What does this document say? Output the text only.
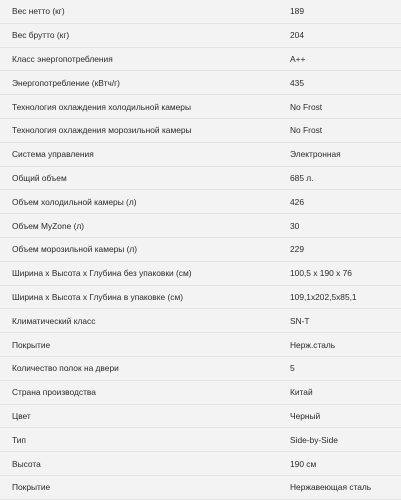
Вес нетто (кг)	189
Вес брутто (кг)	204
Класс энергопотребления	A++
Энергопотребление (кВтч/г)	435
Технология охлаждения холодильной камеры	No Frost
Технология охлаждения морозильной камеры	No Frost
Система управления	Электронная
Общий объем	685 л.
Объем холодильной камеры (л)	426
Объем MyZone (л)	30
Объем морозильной камеры (л)	229
Ширина х Высота х Глубина без упаковки (см)	100,5 х 190 х 76
Ширина х Высота х Глубина в упаковке (см)	109,1х202,5х85,1
Климатический класс	SN-T
Покрытие	Нерж.сталь
Количество полок на двери	5
Страна производства	Китай
Цвет	Черный
Тип	Side-by-Side
Высота	190 см
Покрытие	Нержавеющая сталь
